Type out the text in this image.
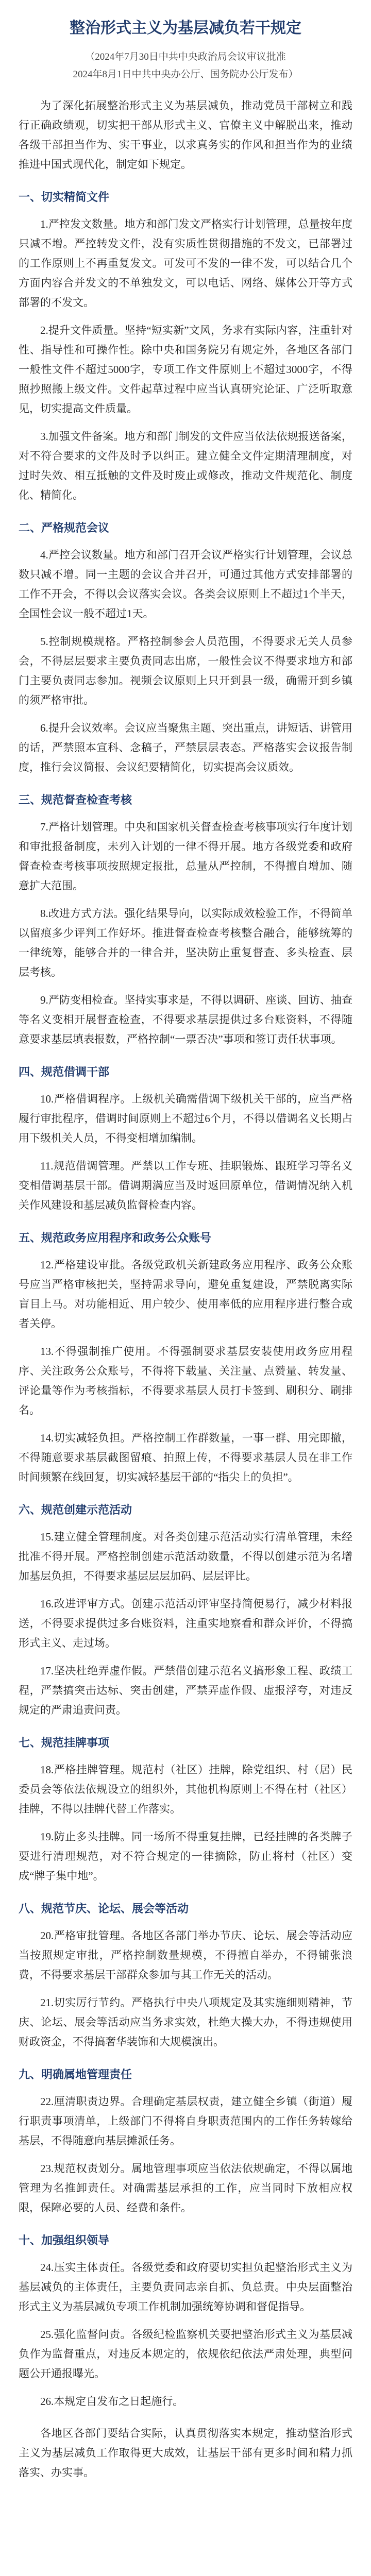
整治形式主义为基层减负若干规定
（2024年7月30日中共中央政治局会议审议批准
2024年8月1日中共中央办公厅、国务院办公厅发布）

为了深化拓展整治形式主义为基层减负，推动党员干部树立和践行正确政绩观，切实把干部从形式主义、官僚主义中解脱出来，推动各级干部担当作为、实干事业，以求真务实的作风和担当作为的业绩推进中国式现代化，制定如下规定。

一、切实精简文件

1.严控发文数量。地方和部门发文严格实行计划管理，总量按年度只减不增。严控转发文件，没有实质性贯彻措施的不发文，已部署过的工作原则上不再重复发文。可发可不发的一律不发，可以结合几个方面内容合并发文的不单独发文，可以电话、网络、媒体公开等方式部署的不发文。

2.提升文件质量。坚持“短实新”文风，务求有实际内容，注重针对性、指导性和可操作性。除中央和国务院另有规定外，各地区各部门一般性文件不超过5000字，专项工作文件原则上不超过3000字，不得照抄照搬上级文件。文件起草过程中应当认真研究论证、广泛听取意见，切实提高文件质量。

3.加强文件备案。地方和部门制发的文件应当依法依规报送备案，对不符合要求的文件及时予以纠正。建立健全文件定期清理制度，对过时失效、相互抵触的文件及时废止或修改，推动文件规范化、制度化、精简化。

二、严格规范会议

4.严控会议数量。地方和部门召开会议严格实行计划管理，会议总数只减不增。同一主题的会议合并召开，可通过其他方式安排部署的工作不开会，不得以会议落实会议。各类会议原则上不超过1个半天，全国性会议一般不超过1天。

5.控制规模规格。严格控制参会人员范围，不得要求无关人员参会，不得层层要求主要负责同志出席，一般性会议不得要求地方和部门主要负责同志参加。视频会议原则上只开到县一级，确需开到乡镇的须严格审批。

6.提升会议效率。会议应当聚焦主题、突出重点，讲短话、讲管用的话，严禁照本宣科、念稿子，严禁层层表态。严格落实会议报告制度，推行会议简报、会议纪要精简化，切实提高会议质效。

三、规范督查检查考核

7.严格计划管理。中央和国家机关督查检查考核事项实行年度计划和审批报备制度，未列入计划的一律不得开展。地方各级党委和政府督查检查考核事项按照规定报批，总量从严控制，不得擅自增加、随意扩大范围。

8.改进方式方法。强化结果导向，以实际成效检验工作，不得简单以留痕多少评判工作好坏。推进督查检查考核整合融合，能够统筹的一律统筹，能够合并的一律合并，坚决防止重复督查、多头检查、层层考核。

9.严防变相检查。坚持实事求是，不得以调研、座谈、回访、抽查等名义变相开展督查检查，不得要求基层提供过多台账资料，不得随意要求基层填表报数，严格控制“一票否决”事项和签订责任状事项。

四、规范借调干部

10.严格借调程序。上级机关确需借调下级机关干部的，应当严格履行审批程序，借调时间原则上不超过6个月，不得以借调名义长期占用下级机关人员，不得变相增加编制。

11.规范借调管理。严禁以工作专班、挂职锻炼、跟班学习等名义变相借调基层干部。借调期满应当及时返回原单位，借调情况纳入机关作风建设和基层减负监督检查内容。

五、规范政务应用程序和政务公众账号

12.严格建设审批。各级党政机关新建政务应用程序、政务公众账号应当严格审核把关，坚持需求导向，避免重复建设，严禁脱离实际盲目上马。对功能相近、用户较少、使用率低的应用程序进行整合或者关停。

13.不得强制推广使用。不得强制要求基层安装使用政务应用程序、关注政务公众账号，不得将下载量、关注量、点赞量、转发量、评论量等作为考核指标，不得要求基层人员打卡签到、刷积分、刷排名。

14.切实减轻负担。严格控制工作群数量，一事一群、用完即撤，不得随意要求基层截图留痕、拍照上传，不得要求基层人员在非工作时间频繁在线回复，切实减轻基层干部的“指尖上的负担”。

六、规范创建示范活动

15.建立健全管理制度。对各类创建示范活动实行清单管理，未经批准不得开展。严格控制创建示范活动数量，不得以创建示范为名增加基层负担，不得要求基层层层加码、层层评比。

16.改进评审方式。创建示范活动评审坚持简便易行，减少材料报送，不得要求提供过多台账资料，注重实地察看和群众评价，不得搞形式主义、走过场。

17.坚决杜绝弄虚作假。严禁借创建示范名义搞形象工程、政绩工程，严禁搞突击达标、突击创建，严禁弄虚作假、虚报浮夸，对违反规定的严肃追责问责。

七、规范挂牌事项

18.严格挂牌管理。规范村（社区）挂牌，除党组织、村（居）民委员会等依法依规设立的组织外，其他机构原则上不得在村（社区）挂牌，不得以挂牌代替工作落实。

19.防止多头挂牌。同一场所不得重复挂牌，已经挂牌的各类牌子要进行清理规范，对不符合规定的一律摘除，防止将村（社区）变成“牌子集中地”。

八、规范节庆、论坛、展会等活动

20.严格审批管理。各地区各部门举办节庆、论坛、展会等活动应当按照规定审批，严格控制数量规模，不得擅自举办，不得铺张浪费，不得要求基层干部群众参加与其工作无关的活动。

21.切实厉行节约。严格执行中央八项规定及其实施细则精神，节庆、论坛、展会等活动应当务求实效，杜绝大操大办，不得违规使用财政资金，不得搞奢华装饰和大规模演出。

九、明确属地管理责任

22.厘清职责边界。合理确定基层权责，建立健全乡镇（街道）履行职责事项清单，上级部门不得将自身职责范围内的工作任务转嫁给基层，不得随意向基层摊派任务。

23.规范权责划分。属地管理事项应当依法依规确定，不得以属地管理为名推卸责任。对确需基层承担的工作，应当同时下放相应权限，保障必要的人员、经费和条件。

十、加强组织领导

24.压实主体责任。各级党委和政府要切实担负起整治形式主义为基层减负的主体责任，主要负责同志亲自抓、负总责。中央层面整治形式主义为基层减负专项工作机制加强统筹协调和督促指导。

25.强化监督问责。各级纪检监察机关要把整治形式主义为基层减负作为监督重点，对违反本规定的，依规依纪依法严肃处理，典型问题公开通报曝光。

26.本规定自发布之日起施行。

各地区各部门要结合实际，认真贯彻落实本规定，推动整治形式主义为基层减负工作取得更大成效，让基层干部有更多时间和精力抓落实、办实事。
